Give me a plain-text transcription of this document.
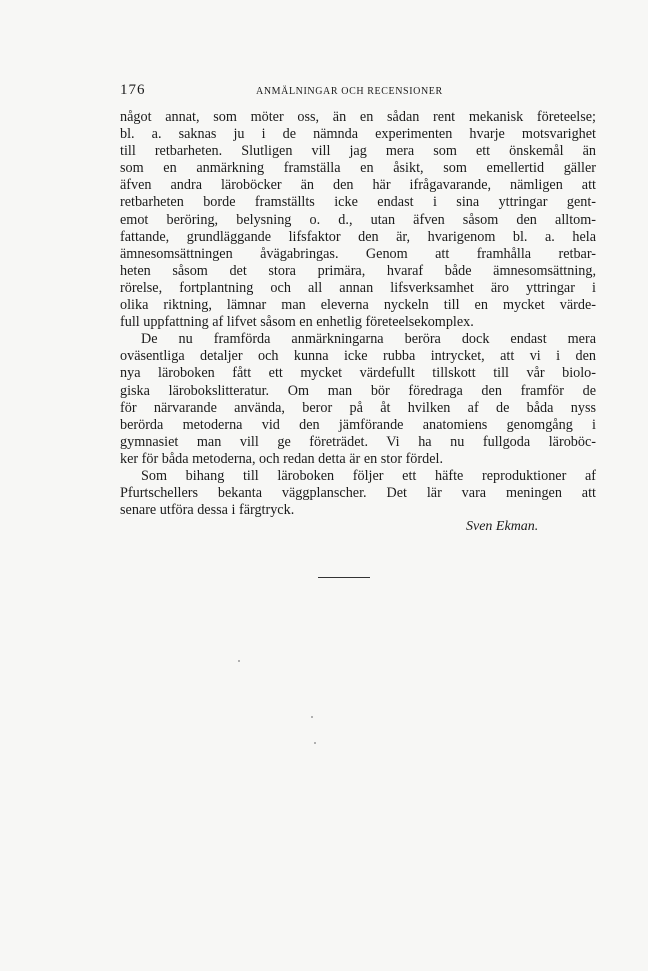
176	ANMÄLNINGAR OCH RECENSIONER
något annat, som möter oss, än en sådan rent mekanisk företeelse;
bl. a. saknas ju i de nämnda experimenten hvarje motsvarighet
till retbarheten. Slutligen vill jag mera som ett önskemål än
som en anmärkning framställa en åsikt, som emellertid gäller
äfven andra läroböcker än den här ifrågavarande, nämligen att
retbarheten borde framställts icke endast i sina yttringar gent-
emot beröring, belysning o. d., utan äfven såsom den alltom-
fattande, grundläggande lifsfaktor den är, hvarigenom bl. a. hela
ämnesomsättningen åvägabringas. Genom att framhålla retbar-
heten såsom det stora primära, hvaraf både ämnesomsättning,
rörelse, fortplantning och all annan lifsverksamhet äro yttringar i
olika riktning, lämnar man eleverna nyckeln till en mycket värde-
full uppfattning af lifvet såsom en enhetlig företeelsekomplex.
De nu framförda anmärkningarna beröra dock endast mera
oväsentliga detaljer och kunna icke rubba intrycket, att vi i den
nya läroboken fått ett mycket värdefullt tillskott till vår biolo-
giska lärobokslitteratur. Om man bör föredraga den framför de
för närvarande använda, beror på åt hvilken af de båda nyss
berörda metoderna vid den jämförande anatomiens genomgång i
gymnasiet man vill ge företrädet. Vi ha nu fullgoda läroböc-
ker för båda metoderna, och redan detta är en stor fördel.
Som bihang till läroboken följer ett häfte reproduktioner af
Pfurtschellers bekanta väggplanscher. Det lär vara meningen att
senare utföra dessa i färgtryck.
Sven Ekman.
